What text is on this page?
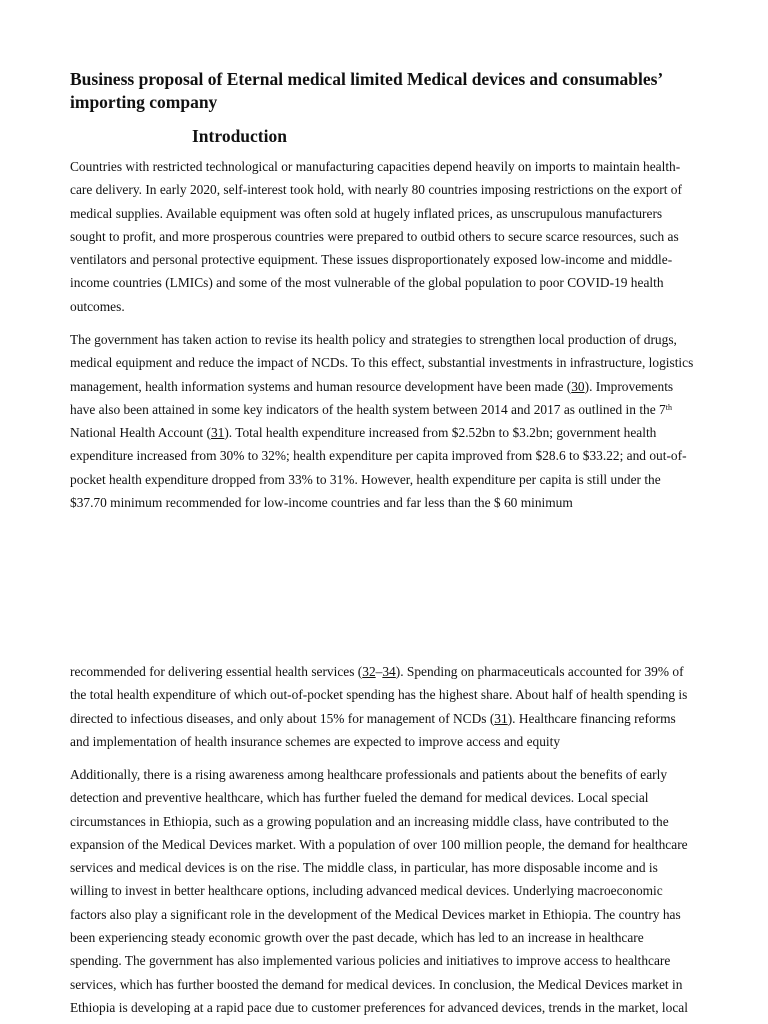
Business proposal of Eternal medical limited Medical devices and consumables’ importing company
Introduction

Countries with restricted technological or manufacturing capacities depend heavily on imports to maintain health-care delivery. In early 2020, self-interest took hold, with nearly 80 countries imposing restrictions on the export of medical supplies. Available equipment was often sold at hugely inflated prices, as unscrupulous manufacturers sought to profit, and more prosperous countries were prepared to outbid others to secure scarce resources, such as ventilators and personal protective equipment. These issues disproportionately exposed low-income and middle-income countries (LMICs) and some of the most vulnerable of the global population to poor COVID-19 health outcomes.

The government has taken action to revise its health policy and strategies to strengthen local production of drugs, medical equipment and reduce the impact of NCDs. To this effect, substantial investments in infrastructure, logistics management, health information systems and human resource development have been made (30). Improvements have also been attained in some key indicators of the health system between 2014 and 2017 as outlined in the 7th National Health Account (31). Total health expenditure increased from $2.52bn to $3.2bn; government health expenditure increased from 30% to 32%; health expenditure per capita improved from $28.6 to $33.22; and out-of-pocket health expenditure dropped from 33% to 31%. However, health expenditure per capita is still under the $37.70 minimum recommended for low-income countries and far less than the $ 60 minimum

recommended for delivering essential health services (32–34). Spending on pharmaceuticals accounted for 39% of the total health expenditure of which out-of-pocket spending has the highest share. About half of health spending is directed to infectious diseases, and only about 15% for management of NCDs (31). Healthcare financing reforms and implementation of health insurance schemes are expected to improve access and equity

Additionally, there is a rising awareness among healthcare professionals and patients about the benefits of early detection and preventive healthcare, which has further fueled the demand for medical devices. Local special circumstances in Ethiopia, such as a growing population and an increasing middle class, have contributed to the expansion of the Medical Devices market. With a population of over 100 million people, the demand for healthcare services and medical devices is on the rise. The middle class, in particular, has more disposable income and is willing to invest in better healthcare options, including advanced medical devices. Underlying macroeconomic factors also play a significant role in the development of the Medical Devices market in Ethiopia. The country has been experiencing steady economic growth over the past decade, which has led to an increase in healthcare spending. The government has also implemented various policies and initiatives to improve access to healthcare services, which has further boosted the demand for medical devices. In conclusion, the Medical Devices market in Ethiopia is developing at a rapid pace due to customer preferences for advanced devices, trends in the market, local
